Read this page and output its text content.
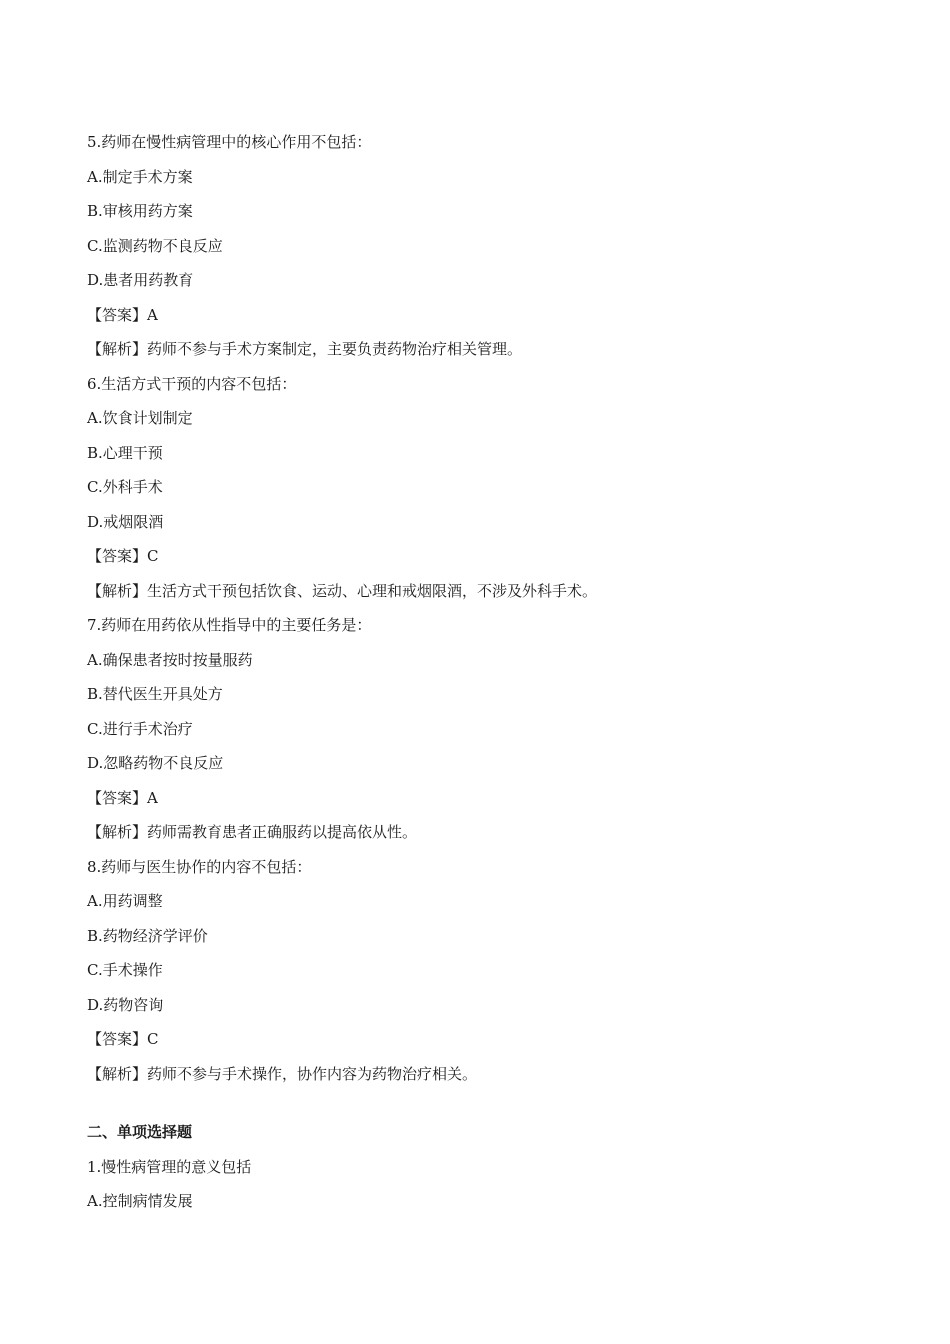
5.药师在慢性病管理中的核心作用不包括：
A.制定手术方案
B.审核用药方案
C.监测药物不良反应
D.患者用药教育
【答案】A
【解析】药师不参与手术方案制定，主要负责药物治疗相关管理。
6.生活方式干预的内容不包括：
A.饮食计划制定
B.心理干预
C.外科手术
D.戒烟限酒
【答案】C
【解析】生活方式干预包括饮食、运动、心理和戒烟限酒，不涉及外科手术。
7.药师在用药依从性指导中的主要任务是：
A.确保患者按时按量服药
B.替代医生开具处方
C.进行手术治疗
D.忽略药物不良反应
【答案】A
【解析】药师需教育患者正确服药以提高依从性。
8.药师与医生协作的内容不包括：
A.用药调整
B.药物经济学评价
C.手术操作
D.药物咨询
【答案】C
【解析】药师不参与手术操作，协作内容为药物治疗相关。
二、单项选择题
1.慢性病管理的意义包括
A.控制病情发展
